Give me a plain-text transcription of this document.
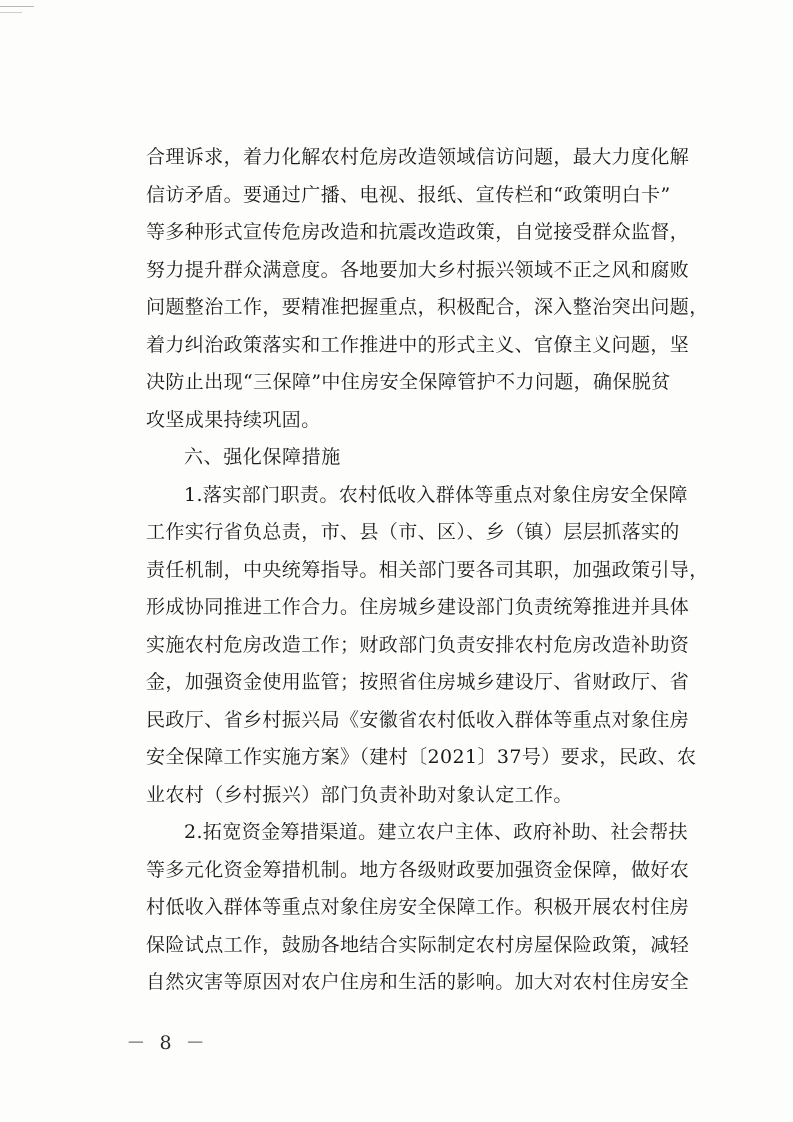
合理诉求，着力化解农村危房改造领域信访问题，最大力度化解
信访矛盾。要通过广播、电视、报纸、宣传栏和“政策明白卡”
等多种形式宣传危房改造和抗震改造政策，自觉接受群众监督，
努力提升群众满意度。各地要加大乡村振兴领域不正之风和腐败
问题整治工作，要精准把握重点，积极配合，深入整治突出问题，
着力纠治政策落实和工作推进中的形式主义、官僚主义问题，坚
决防止出现“三保障”中住房安全保障管护不力问题，确保脱贫
攻坚成果持续巩固。
六、强化保障措施
1.落实部门职责。农村低收入群体等重点对象住房安全保障
工作实行省负总责，市、县（市、区）、乡（镇）层层抓落实的
责任机制，中央统筹指导。相关部门要各司其职，加强政策引导，
形成协同推进工作合力。住房城乡建设部门负责统筹推进并具体
实施农村危房改造工作；财政部门负责安排农村危房改造补助资
金，加强资金使用监管；按照省住房城乡建设厅、省财政厅、省
民政厅、省乡村振兴局《安徽省农村低收入群体等重点对象住房
安全保障工作实施方案》（建村〔2021〕37号）要求，民政、农
业农村（乡村振兴）部门负责补助对象认定工作。
2.拓宽资金筹措渠道。建立农户主体、政府补助、社会帮扶
等多元化资金筹措机制。地方各级财政要加强资金保障，做好农
村低收入群体等重点对象住房安全保障工作。积极开展农村住房
保险试点工作，鼓励各地结合实际制定农村房屋保险政策，减轻
自然灾害等原因对农户住房和生活的影响。加大对农村住房安全
－ 8 －
